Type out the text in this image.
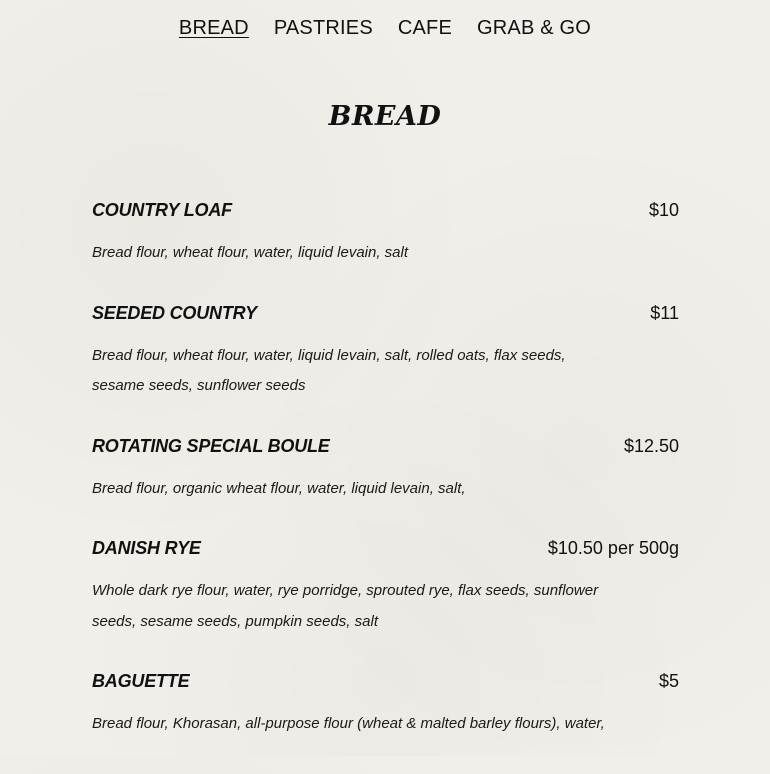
BREAD PASTRIES CAFE GRAB & GO
BREAD
COUNTRY LOAF	$10
Bread flour, wheat flour, water, liquid levain, salt
SEEDED COUNTRY	$11
Bread flour, wheat flour, water, liquid levain, salt, rolled oats, flax seeds, sesame seeds, sunflower seeds
ROTATING SPECIAL BOULE	$12.50
Bread flour, organic wheat flour, water, liquid levain, salt,
DANISH RYE	$10.50 per 500g
Whole dark rye flour, water, rye porridge, sprouted rye, flax seeds, sunflower seeds, sesame seeds, pumpkin seeds, salt
BAGUETTE	$5
Bread flour, Khorasan, all-purpose flour (wheat & malted barley flours), water,
